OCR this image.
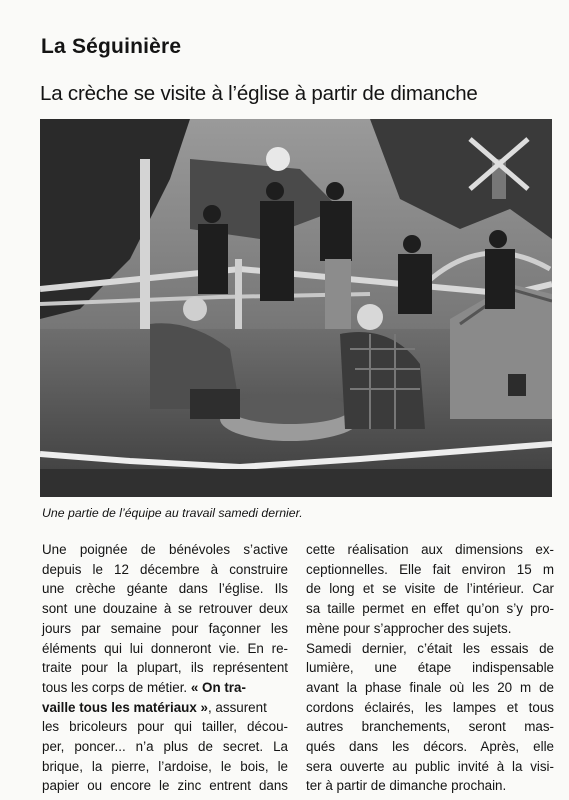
La Séguinière
La crèche se visite à l’église à partir de dimanche
Une partie de l’équipe au travail samedi dernier.
Une poignée de bénévoles s’active
depuis le 12 décembre à construire
une crèche géante dans l’église. Ils
sont une douzaine à se retrouver deux
jours par semaine pour façonner les
éléments qui lui donneront vie. En re-
traite pour la plupart, ils représentent
tous les corps de métier. « On tra-
vaille tous les matériaux », assurent
les bricoleurs pour qui tailler, décou-
per, poncer... n’a plus de secret. La
brique, la pierre, l’ardoise, le bois, le
papier ou encore le zinc entrent dans
cette réalisation aux dimensions ex-
ceptionnelles. Elle fait environ 15 m
de long et se visite de l’intérieur. Car
sa taille permet en effet qu’on s’y pro-
mène pour s’approcher des sujets.
Samedi dernier, c’était les essais de
lumière, une étape indispensable
avant la phase finale où les 20 m de
cordons éclairés, les lampes et tous
autres branchements, seront mas-
qués dans les décors. Après, elle
sera ouverte au public invité à la visi-
ter à partir de dimanche prochain.
